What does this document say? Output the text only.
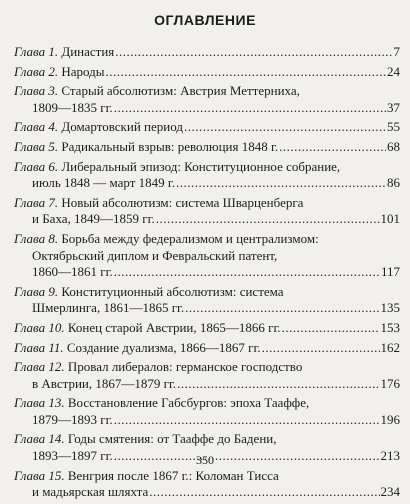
ОГЛАВЛЕНИЕ
Глава 1.
Династия .....	7
Глава 2.
Народы .....	24
Глава 3.
Старый абсолютизм: Австрия Меттерниха,
1809—1835 гг. .....	37
Глава 4.
Домартовский период .....	55
Глава 5.
Радикальный взрыв: революция 1848 г. .....	68
Глава 6.
Либеральный эпизод: Конституционное собрание,
июль 1848 — март 1849 г. .....	86
Глава 7.
Новый абсолютизм: система Шварценберга
и Баха, 1849—1859 гг. .....	101
Глава 8.
Борьба между федерализмом и централизмом:
Октябрьский диплом и Февральский патент,
1860—1861 гг. .....	117
Глава 9.
Конституционный абсолютизм: система
Шмерлинга, 1861—1865 гг. .....	135
Глава 10.
Конец старой Австрии, 1865—1866 гг. .....	153
Глава 11.
Создание дуализма, 1866—1867 гг. .....	162
Глава 12.
Провал либералов: германское господство
в Австрии, 1867—1879 гг. .....	176
Глава 13.
Восстановление Габсбургов: эпоха Тааффе,
1879—1893 гг. .....	196
Глава 14.
Годы смятения: от Тааффе до Бадени,
1893—1897 гг. .....	213
Глава 15.
Венгрия после 1867 г.: Коломан Тисса
и мадьярская шляхта .....	234
350
